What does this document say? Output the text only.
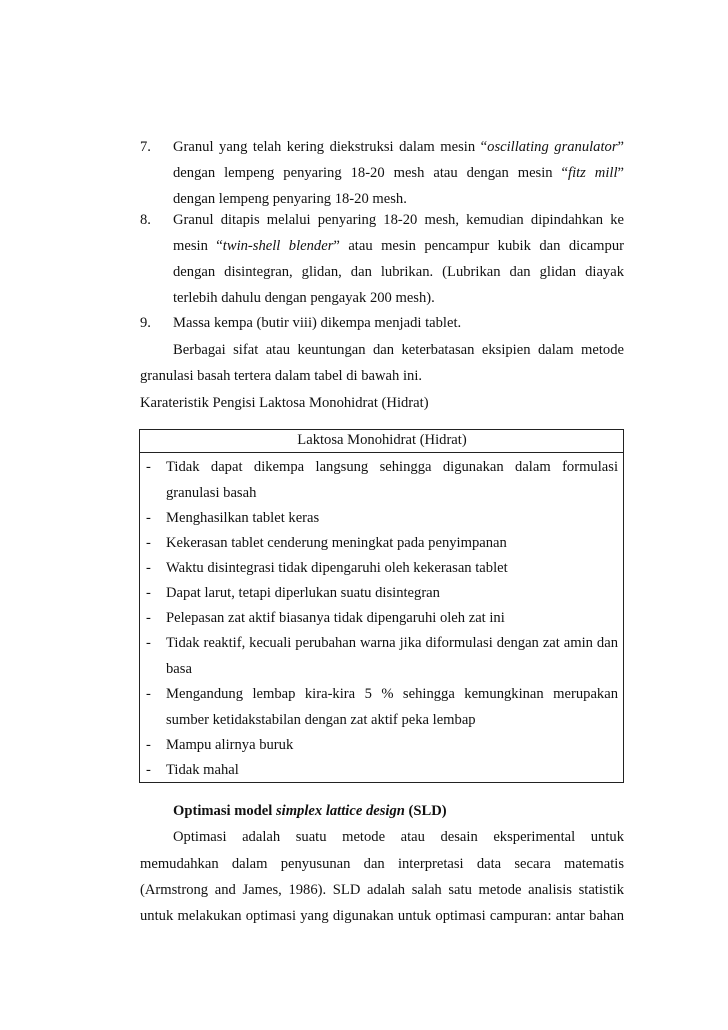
7.	Granul yang telah kering diekstruksi dalam mesin “oscillating granulator”
dengan lempeng penyaring 18-20 mesh atau dengan mesin “fitz mill”
dengan lempeng penyaring 18-20 mesh.
8.	Granul ditapis melalui penyaring 18-20 mesh, kemudian dipindahkan ke
mesin “twin-shell blender” atau mesin pencampur kubik dan dicampur
dengan disintegran, glidan, dan lubrikan. (Lubrikan dan glidan diayak
terlebih dahulu dengan pengayak 200 mesh).
9.	Massa kempa (butir viii) dikempa menjadi tablet.
Berbagai sifat atau keuntungan dan keterbatasan eksipien dalam metode
granulasi basah tertera dalam tabel di bawah ini.
Karateristik Pengisi Laktosa Monohidrat (Hidrat)
Laktosa Monohidrat (Hidrat)
-	Tidak dapat dikempa langsung sehingga digunakan dalam formulasi
granulasi basah
-	Menghasilkan tablet keras
-	Kekerasan tablet cenderung meningkat pada penyimpanan
-	Waktu disintegrasi tidak dipengaruhi oleh kekerasan tablet
-	Dapat larut, tetapi diperlukan suatu disintegran
-	Pelepasan zat aktif biasanya tidak dipengaruhi oleh zat ini
-	Tidak reaktif, kecuali perubahan warna jika diformulasi dengan zat amin dan
basa
-	Mengandung lembap kira-kira 5 % sehingga kemungkinan merupakan
sumber ketidakstabilan dengan zat aktif peka lembap
-	Mampu alirnya buruk
-	Tidak mahal
Optimasi model simplex lattice design (SLD)
Optimasi adalah suatu metode atau desain eksperimental untuk
memudahkan dalam penyusunan dan interpretasi data secara matematis
(Armstrong and James, 1986). SLD adalah salah satu metode analisis statistik
untuk melakukan optimasi yang digunakan untuk optimasi campuran: antar bahan
